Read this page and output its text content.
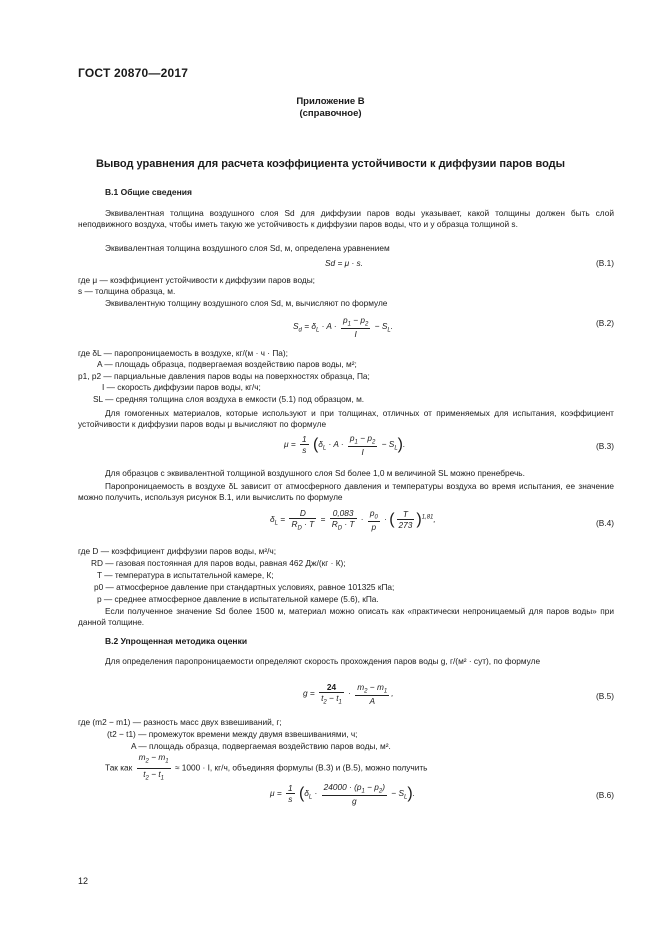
ГОСТ 20870—2017
Приложение В
(справочное)
Вывод уравнения для расчета коэффициента устойчивости к диффузии паров воды
В.1 Общие сведения
Эквивалентная толщина воздушного слоя Sd для диффузии паров воды указывает, какой толщины должен быть слой неподвижного воздуха, чтобы иметь такую же устойчивость к диффузии паров воды, что и у образца толщиной s.
Эквивалентная толщина воздушного слоя Sd, м, определена уравнением
Sd = μ · s.	(В.1)
где μ — коэффициент устойчивости к диффузии паров воды;
s — толщина образца, м.
Эквивалентную толщину воздушного слоя Sd, м, вычисляют по формуле
$S_d = \delta_L \cdot A \cdot \frac{p_1 - p_2}{I} - S_L$.	(В.2)
где δL — паропроницаемость в воздухе, кг/(м · ч · Па);
A — площадь образца, подвергаемая воздействию паров воды, м²;
p1, p2 — парциальные давления паров воды на поверхностях образца, Па;
I — скорость диффузии паров воды, кг/ч;
SL — средняя толщина слоя воздуха в емкости (5.1) под образцом, м.
Для гомогенных материалов, которые используют и при толщинах, отличных от применяемых для испытания, коэффициент устойчивости к диффузии паров воды μ вычисляют по формуле
$\mu = \frac{1}{s} (\delta_L \cdot A \cdot \frac{p_1 - p_2}{I} - S_L)$.	(В.3)
Для образцов с эквивалентной толщиной воздушного слоя Sd более 1,0 м величиной SL можно пренебречь.
Паропроницаемость в воздухе δL зависит от атмосферного давления и температуры воздуха во время испытания, ее значение можно получить, используя рисунок В.1, или вычислить по формуле
$\delta_L = \frac{D}{R_D \cdot T} = \frac{0,083}{R_D \cdot T} \cdot \frac{p_0}{p}$ · ( $\frac{T}{273} )^{1,81}$,	(В.4)
где D — коэффициент диффузии паров воды, м²/ч;
RD — газовая постоянная для паров воды, равная 462 Дж/(кг · К);
T — температура в испытательной камере, К;
p0 — атмосферное давление при стандартных условиях, равное 101325 кПа;
p — среднее атмосферное давление в испытательной камере (5.6), кПа.
Если полученное значение Sd более 1500 м, материал можно описать как «практически непроницаемый для паров воды» при данной толщине.
В.2 Упрощенная методика оценки
Для определения паропроницаемости определяют скорость прохождения паров воды g, г/(м² · сут), по формуле
$g = \frac{24}{t_2 - t_1} \cdot \frac{m_2 - m_1}{A}$ ,	(В.5)
где (m2 − m1) — разность масс двух взвешиваний, г;
(t2 − t1) — промежуток времени между двумя взвешиваниями, ч;
A — площадь образца, подвергаемая воздействию паров воды, м².
Так как $\frac{m_2 - m_1}{t_2 - t_1} \approx 1000 \cdot I$, кг/ч, объединяя формулы (В.3) и (В.5), можно получить
$\mu = \frac{1}{s} (\delta_L \cdot \frac{24000 \cdot (p_1 - p_2)}{g} - S_L)$.	(В.6)
12
